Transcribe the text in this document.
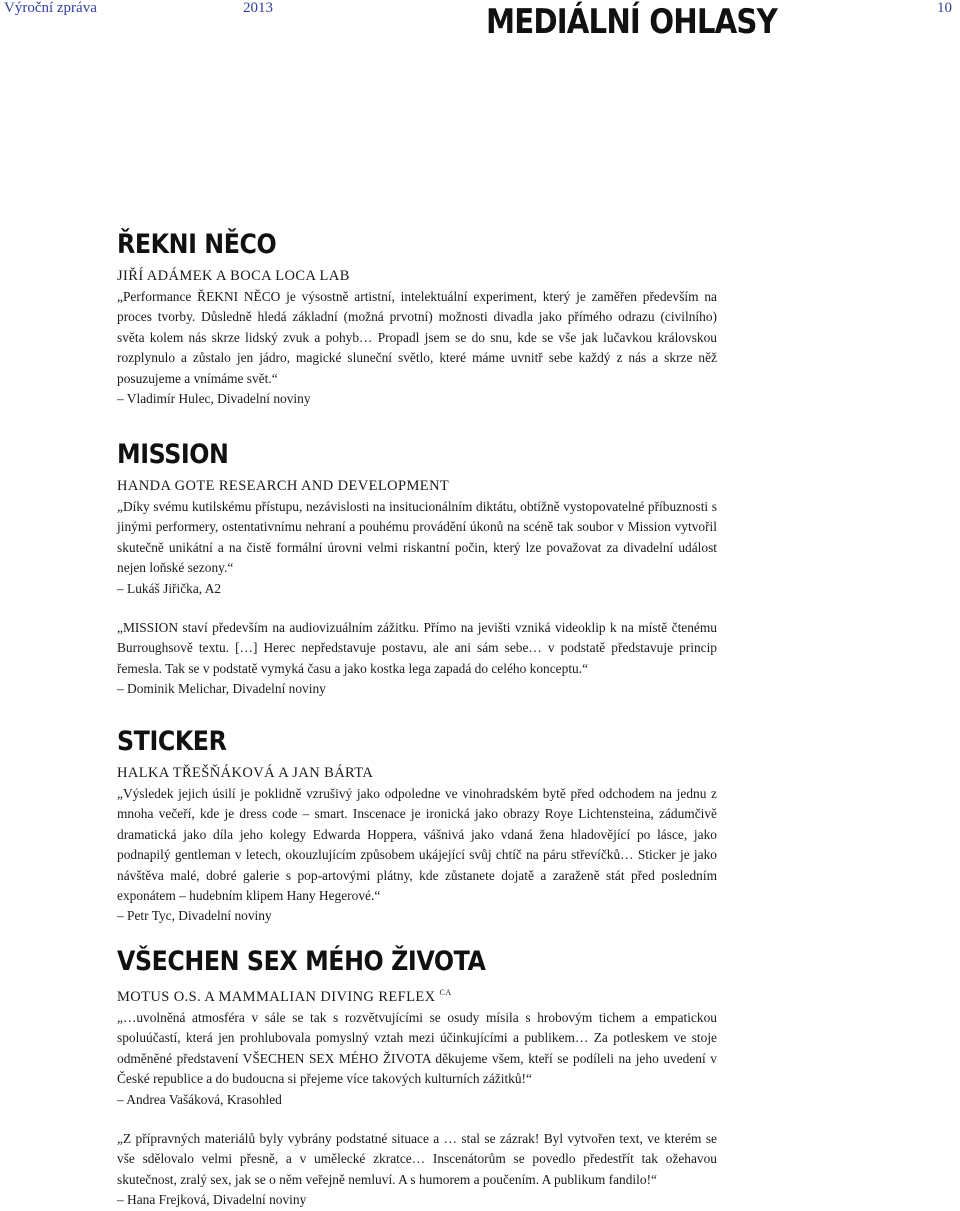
Výroční zpráva	2013	MEDIÁLNÍ OHLASY	10
ŘEKNI NĚCO
JIŘÍ ADÁMEK A BOCA LOCA LAB

„Performance ŘEKNI NĚCO je výsostně artistní, intelektuální experiment, který je zaměřen především na proces tvorby. Důsledně hledá základní (možná prvotní) možnosti divadla jako přímého odrazu (civilního) světa kolem nás skrze lidský zvuk a pohyb… Propadl jsem se do snu, kde se vše jak lučavkou královskou rozplynulo a zůstalo jen jádro, magické sluneční světlo, které máme uvnitř sebe každý z nás a skrze něž posuzujeme a vnímáme svět.“

– Vladimír Hulec, Divadelní noviny

MISSION
HANDA GOTE RESEARCH AND DEVELOPMENT

„Díky svému kutilskému přístupu, nezávislosti na insitucionálním diktátu, obtížně vystopovatelné příbuznosti s jinými performery, ostentativnímu nehraní a pouhému provádění úkonů na scéně tak soubor v Mission vytvořil skutečně unikátní a na čistě formální úrovni velmi riskantní počin, který lze považovat za divadelní událost nejen loňské sezony.“

– Lukáš Jiřička, A2

„MISSION staví především na audiovizuálním zážitku. Přímo na jevišti vzniká videoklip k na místě čtenému Burroughsově textu. […] Herec nepředstavuje postavu, ale ani sám sebe… v podstatě představuje princip řemesla. Tak se v podstatě vymyká času a jako kostka lega zapadá do celého konceptu.“

– Dominik Melichar, Divadelní noviny

STICKER
HALKA TŘEŠŇÁKOVÁ A JAN BÁRTA

„Výsledek jejich úsilí je poklidně vzrušivý jako odpoledne ve vinohradském bytě před odchodem na jednu z mnoha večeří, kde je dress code – smart. Inscenace je ironická jako obrazy Roye Lichtensteina, zádumčivě dramatická jako díla jeho kolegy Edwarda Hoppera, vášnivá jako vdaná žena hladovějící po lásce, jako podnapilý gentleman v letech, okouzlujícím způsobem ukájející svůj chtíč na páru střevíčků… Sticker je jako návštěva malé, dobré galerie s pop-artovými plátny, kde zůstanete dojatě a zaraženě stát před posledním exponátem – hudebním klipem Hany Hegerové.“

– Petr Tyc, Divadelní noviny

VŠECHEN SEX MÉHO ŽIVOTA
MOTUS O.S. A MAMMALIAN DIVING REFLEX $^{CA}$

„…uvolněná atmosféra v sále se tak s rozvětvujícími se osudy mísila s hrobovým tichem a empatickou spoluúčastí, která jen prohlubovala pomyslný vztah mezi účinkujícími a publikem… Za potleskem ve stoje odměněné představení VŠECHEN SEX MÉHO ŽIVOTA děkujeme všem, kteří se podíleli na jeho uvedení v České republice a do budoucna si přejeme více takových kulturních zážitků!“

– Andrea Vašáková, Krasohled

„Z přípravných materiálů byly vybrány podstatné situace a … stal se zázrak! Byl vytvořen text, ve kterém se vše sdělovalo velmi přesně, a v umělecké zkratce… Inscenátorům se povedlo předestřít tak ožehavou skutečnost, zralý sex, jak se o něm veřejně nemluví. A s humorem a poučením. A publikum fandilo!“

– Hana Frejková, Divadelní noviny
